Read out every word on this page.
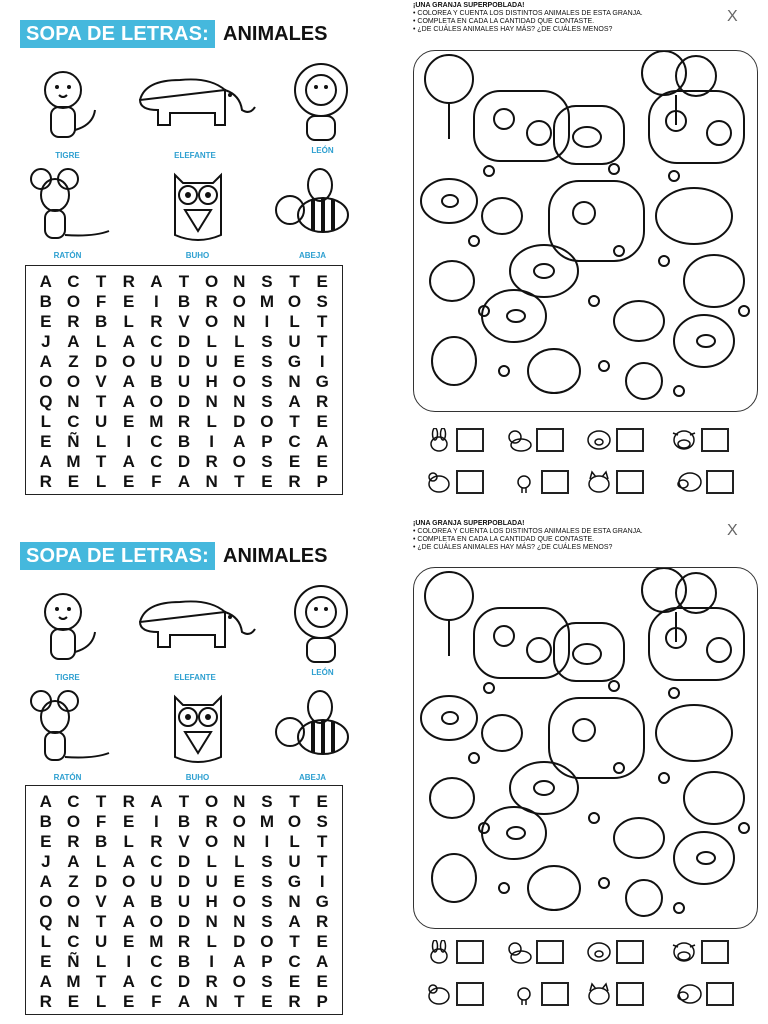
SOPA DE LETRAS: ANIMALES
TIGRE	ELEFANTE
LEÓN
RATÓN	BUHO	ABEJA
A C T R A T O N S T E
B O F E	I	B R O M O S
E R B L R V O N	I	L	T
J A L A C D L	L S U T
A Z D O U D U E S G	I
O O V A B U H O S N G
Q N T A O D N N S A R
L C U E M R L D O T E
E Ñ L	I	C B	I	A P C A
A M T A C D R O S E E
R E L E F A N T E R P
¡UNA GRANJA SUPERPOBLADA!
• COLOREA Y CUENTA LOS DISTINTOS ANIMALES DE ESTA GRANJA.
• COMPLETA EN CADA LA CANTIDAD QUE CONTASTE.
• ¿DE CUÁLES ANIMALES HAY MÁS? ¿DE CUÁLES MENOS?
X
SOPA DE LETRAS: ANIMALES
TIGRE	ELEFANTE
LEÓN
RATÓN	BUHO	ABEJA
A C T R A T O N S T E
B O F E	I	B R O M O S
E R B L R V O N	I	L	T
J A L A C D L	L S U T
A Z D O U D U E S G	I
O O V A B U H O S N G
Q N T A O D N N S A R
L C U E M R L D O T E
E Ñ L	I	C B	I	A P C A
A M T A C D R O S E E
R E L E F A N T E R P
¡UNA GRANJA SUPERPOBLADA!
• COLOREA Y CUENTA LOS DISTINTOS ANIMALES DE ESTA GRANJA.
• COMPLETA EN CADA LA CANTIDAD QUE CONTASTE.
• ¿DE CUÁLES ANIMALES HAY MÁS? ¿DE CUÁLES MENOS?
X
